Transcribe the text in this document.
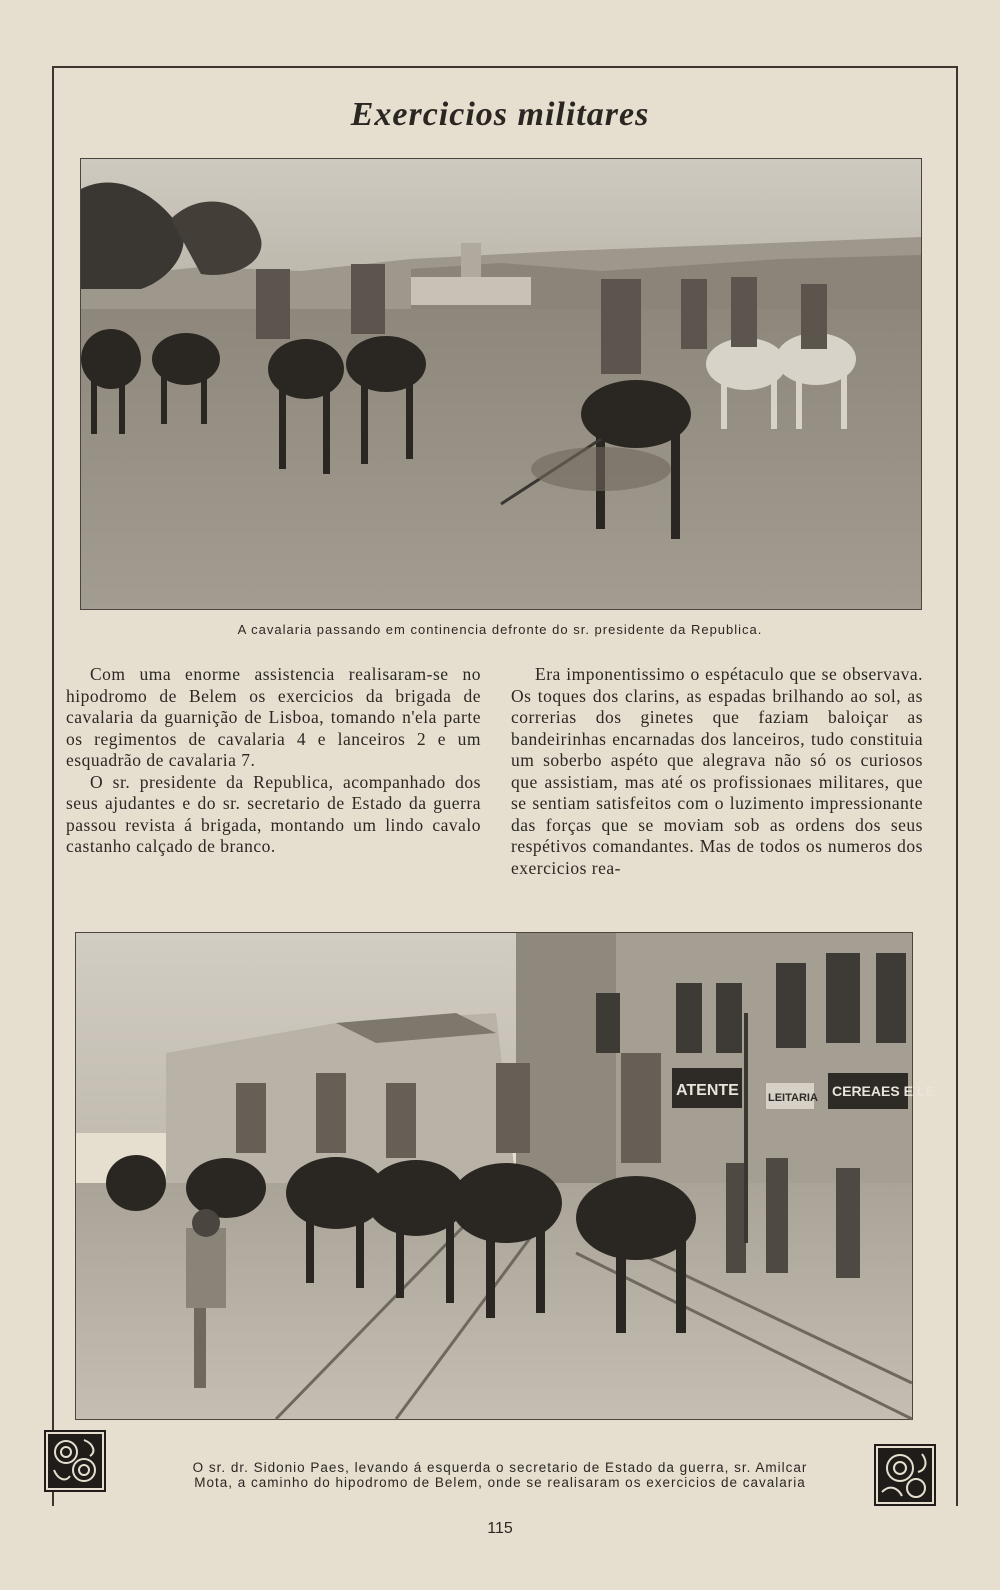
Exercicios militares
A cavalaria passando em continencia defronte do sr. presidente da Republica.

Com uma enorme assistencia realisaram-se no hipodromo de Belem os exercicios da brigada de cavalaria da guarnição de Lisboa, tomando n'ela parte os regimentos de cavalaria 4 e lanceiros 2 e um esquadrão de cavalaria 7.

O sr. presidente da Republica, acompanhado dos seus ajudantes e do sr. secretario de Estado da guerra passou revista á brigada, montando um lindo cavalo castanho calçado de branco.

Era imponentissimo o espétaculo que se observava. Os toques dos clarins, as espadas brilhando ao sol, as correrias dos ginetes que faziam baloiçar as bandeirinhas encarnadas dos lanceiros, tudo constituia um soberbo aspéto que alegrava não só os curiosos que assistiam, mas até os profissionaes militares, que se sentiam satisfeitos com o luzimento impressionante das forças que se moviam sob as ordens dos seus respétivos comandantes. Mas de todos os numeros dos exercicios rea-

ATENTE	LEITARIA CEREAES E LE
O sr. dr. Sidonio Paes, levando á esquerda o secretario de Estado da guerra, sr. Amilcar
Mota, a caminho do hipodromo de Belem, onde se realisaram os exercicios de cavalaria
115
